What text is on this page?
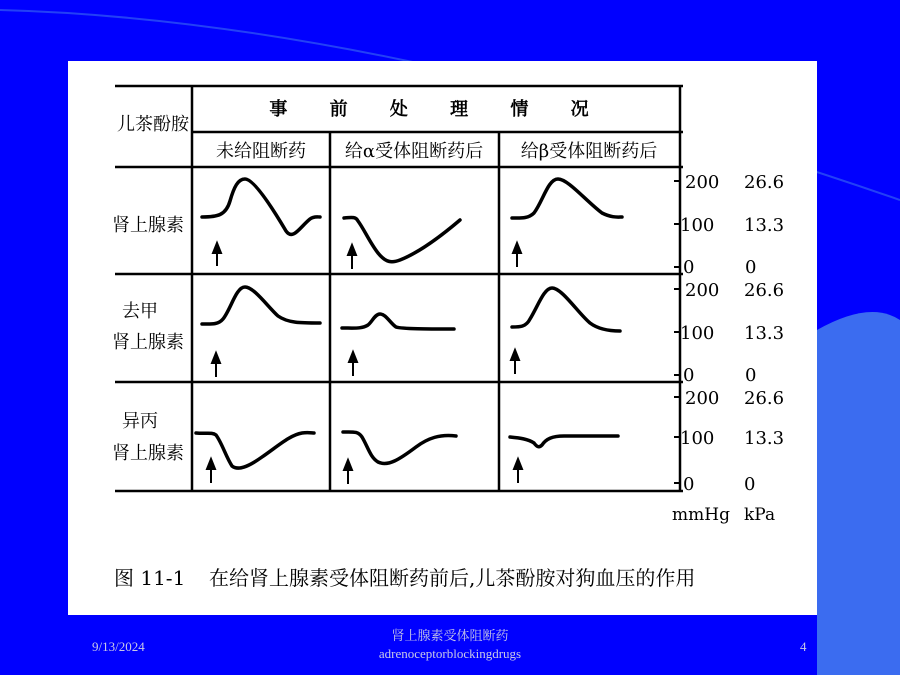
儿茶酚胺
事 前 处 理 情 况
未给阻断药 给α受体阻断药后 给β受体阻断药后
肾上腺素
去甲
肾上腺素
异丙
肾上腺素
200
100
0
200
100
0
200
100
0
26.6
13.3
0
26.6
13.3
0
26.6
13.3
0
mmHg kPa
图 11-1 在给肾上腺素受体阻断药前后,儿茶酚胺对狗血压的作用
9/13/2024
肾上腺素受体阻断药
adrenoceptorblockingdrugs	4
